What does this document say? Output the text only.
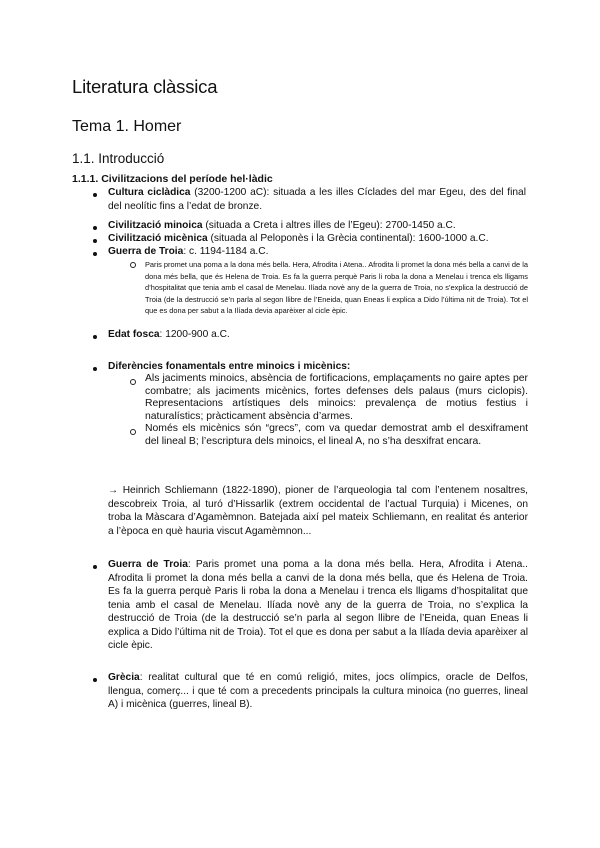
Literatura clàssica
Tema 1. Homer
1.1. Introducció
1.1.1. Civilitzacions del període hel·làdic
Cultura ciclàdica (3200-1200 aC): situada a les illes Cíclades del mar Egeu, des del final del neolític fins a l’edat de bronze.
Civilització minoica (situada a Creta i altres illes de l’Egeu): 2700-1450 a.C.
Civilització micènica (situada al Peloponès i la Grècia continental): 1600-1000 a.C.
Guerra de Troia: c. 1194-1184 a.C.
Paris promet una poma a la dona més bella. Hera, Afrodita i Atena.. Afrodita li promet la dona més bella a canvi de la dona més bella, que és Helena de Troia. Es fa la guerra perquè Paris li roba la dona a Menelau i trenca els lligams d’hospitalitat que tenia amb el casal de Menelau. Ilíada novè any de la guerra de Troia, no s’explica la destrucció de Troia (de la destrucció se’n parla al segon llibre de l’Eneida, quan Eneas li explica a Dido l’última nit de Troia). Tot el que es dona per sabut a la Ilíada devia aparèixer al cicle èpic.
Edat fosca: 1200-900 a.C.
Diferències fonamentals entre minoics i micènics:
Als jaciments minoics, absència de fortificacions, emplaçaments no gaire aptes per combatre; als jaciments micènics, fortes defenses dels palaus (murs ciclopis). Representacions artístiques dels minoics: prevalença de motius festius i naturalístics; pràcticament absència d’armes.
Només els micènics són “grecs”, com va quedar demostrat amb el desxiframent del lineal B; l’escriptura dels minoics, el lineal A, no s’ha desxifrat encara.
→ Heinrich Schliemann (1822-1890), pioner de l’arqueologia tal com l’entenem nosaltres, descobreix Troia, al turó d’Hissarlik (extrem occidental de l’actual Turquia) i Micenes, on troba la Màscara d’Agamèmnon. Batejada així pel mateix Schliemann, en realitat és anterior a l’època en què hauria viscut Agamèmnon...
Guerra de Troia: Paris promet una poma a la dona més bella. Hera, Afrodita i Atena.. Afrodita li promet la dona més bella a canvi de la dona més bella, que és Helena de Troia. Es fa la guerra perquè Paris li roba la dona a Menelau i trenca els lligams d’hospitalitat que tenia amb el casal de Menelau. Ilíada novè any de la guerra de Troia, no s’explica la destrucció de Troia (de la destrucció se’n parla al segon llibre de l’Eneida, quan Eneas li explica a Dido l’última nit de Troia). Tot el que es dona per sabut a la Ilíada devia aparèixer al cicle èpic.
Grècia: realitat cultural que té en comú religió, mites, jocs olímpics, oracle de Delfos, llengua, comerç... i que té com a precedents principals la cultura minoica (no guerres, lineal A) i micènica (guerres, lineal B).
